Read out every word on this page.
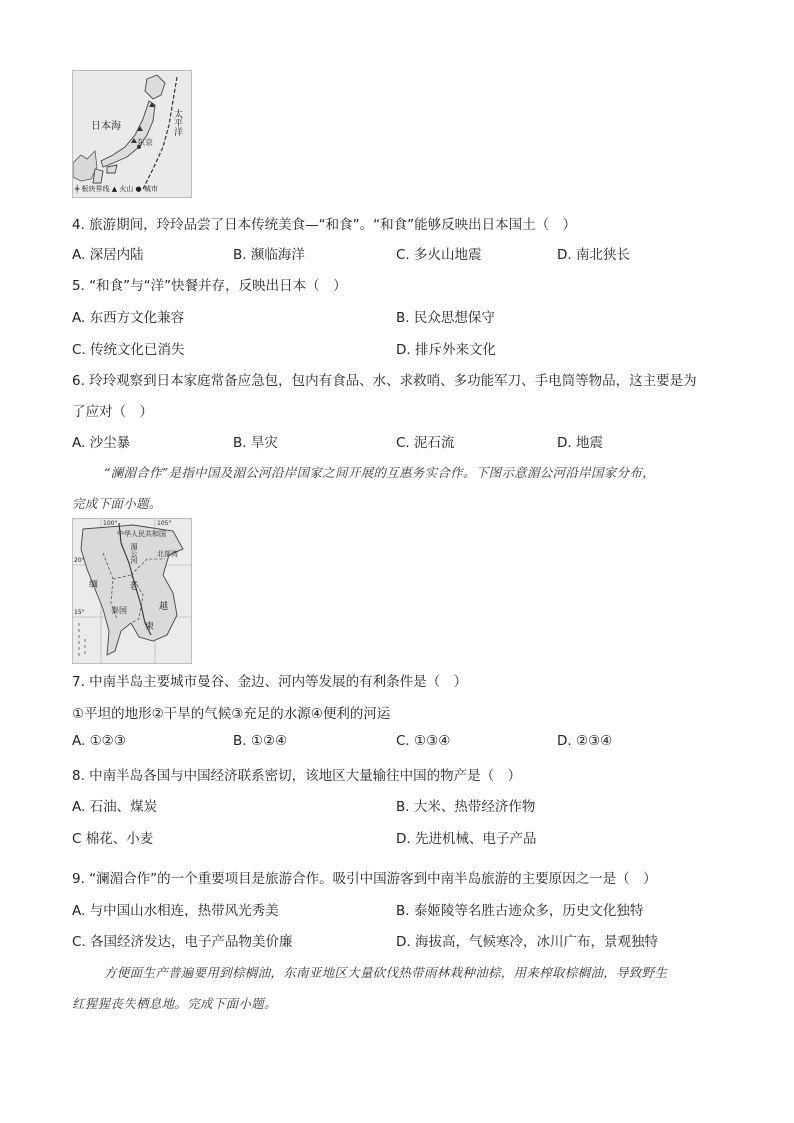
日本海
东京
太平洋
╪ 板块界线 ▲ 火山 ● 城市
4. 旅游期间，玲玲品尝了日本传统美食—“和食”。“和食”能够反映出日本国土（　）
A. 深居内陆	B. 濒临海洋	C. 多火山地震	D. 南北狭长
5. “和食”与“洋”快餐并存，反映出日本（　）
A. 东西方文化兼容	B. 民众思想保守
C. 传统文化已消失	D. 排斥外来文化
6. 玲玲观察到日本家庭常备应急包，包内有食品、水、求救哨、多功能军刀、手电筒等物品，这主要是为
了应对（　）
A. 沙尘暴	B. 旱灾	C. 泥石流	D. 地震
“澜湄合作”是指中国及湄公河沿岸国家之间开展的互惠务实合作。下图示意湄公河沿岸国家分布，
完成下面小题。
中华人民共和国
北部湾
缅	老
越
泰国
柬
湄公河
100°	105°
20°
15°
7. 中南半岛主要城市曼谷、金边、河内等发展的有利条件是（　）
①平坦的地形②干旱的气候③充足的水源④便利的河运
A. ①②③	B. ①②④	C. ①③④	D. ②③④
8. 中南半岛各国与中国经济联系密切，该地区大量输往中国的物产是（　）
A. 石油、煤炭	B. 大米、热带经济作物
C 棉花、小麦	D. 先进机械、电子产品
9. “澜湄合作”的一个重要项目是旅游合作。吸引中国游客到中南半岛旅游的主要原因之一是（　）
A. 与中国山水相连，热带风光秀美	B. 泰姬陵等名胜古迹众多，历史文化独特
C. 各国经济发达，电子产品物美价廉	D. 海拔高，气候寒冷，冰川广布，景观独特
方便面生产普遍要用到棕榈油，东南亚地区大量砍伐热带雨林栽种油棕，用来榨取棕榈油，导致野生
红猩猩丧失栖息地。完成下面小题。
